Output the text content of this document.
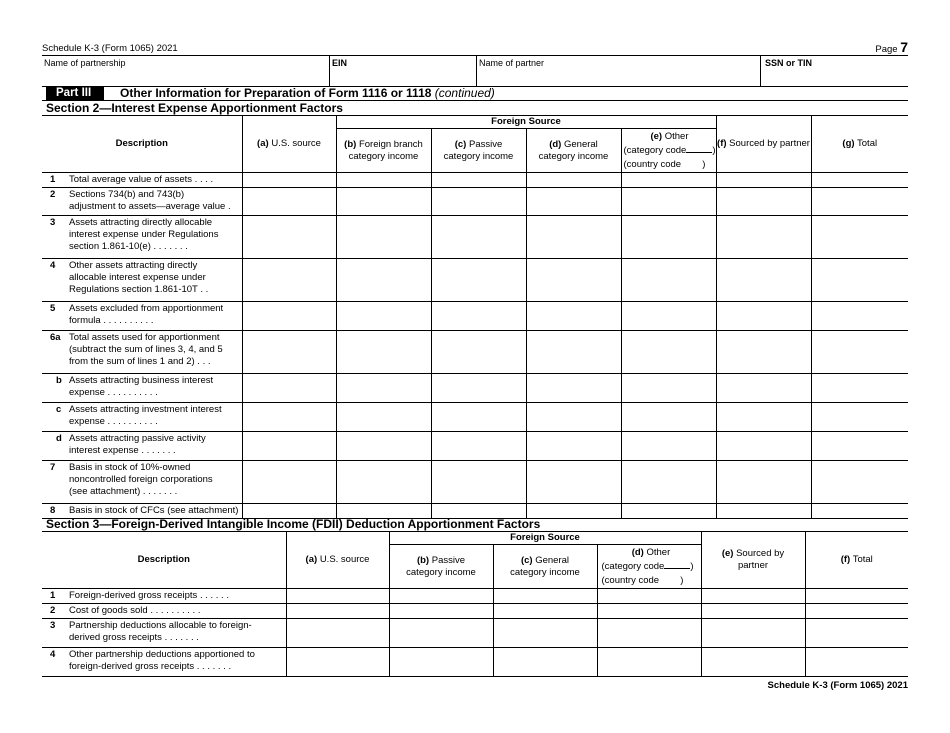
Schedule K-3 (Form 1065) 2021	Page 7
Name of partnership	EIN	Name of partner	SSN or TIN
Part III	Other Information for Preparation of Form 1116 or 1118 (continued)
Section 2—Interest Expense Apportionment Factors
Description	(a) U.S. source	Foreign Source				(f) Sourced by partner	(g) Total
		(b) Foreign branch category income	(c) Passive category income	(d) General category income	(e) Other
(category code )
(country code )		

1 Total average value of assets . . . .							

2 Sections 734(b) and 743(b)
adjustment to assets—average value .							

3 Assets attracting directly allocable
interest expense under Regulations
section 1.861-10(e) . . . . . . .							

4 Other assets attracting directly
allocable interest expense under
Regulations section 1.861-10T . .							

5 Assets excluded from apportionment
formula . . . . . . . . . .							

6a Total assets used for apportionment
(subtract the sum of lines 3, 4, and 5
from the sum of lines 1 and 2) . . .							

b Assets attracting business interest
expense . . . . . . . . . .							

c Assets attracting investment interest
expense . . . . . . . . . .							

d Assets attracting passive activity
interest expense . . . . . . .							

7 Basis in stock of 10%-owned
noncontrolled foreign corporations
(see attachment) . . . . . . .							

8 Basis in stock of CFCs (see attachment)							
Section 3—Foreign-Derived Intangible Income (FDII) Deduction Apportionment Factors
Description	(a) U.S. source	Foreign Source			(e) Sourced by partner	(f) Total
		(b) Passive category income	(c) General category income	(d) Other
(category code )
(country code )		

1 Foreign-derived gross receipts . . . . . .						

2 Cost of goods sold . . . . . . . . . .						

3 Partnership deductions allocable to foreign-
derived gross receipts . . . . . . .						

4 Other partnership deductions apportioned to
foreign-derived gross receipts . . . . . . .						
Schedule K-3 (Form 1065) 2021
